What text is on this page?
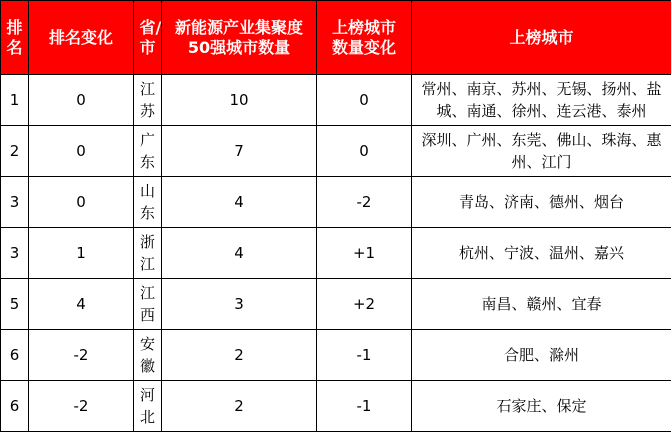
排名	排名变化	省/市	新能源产业集聚度50强城市数量	上榜城市数量变化	上榜城市
1	0	江苏	10	0	常州、南京、苏州、无锡、扬州、盐城、南通、徐州、连云港、泰州
2	0	广东	7	0	深圳、广州、东莞、佛山、珠海、惠州、江门
3	0	山东	4	-2	青岛、济南、德州、烟台
3	1	浙江	4	+1	杭州、宁波、温州、嘉兴
5	4	江西	3	+2	南昌、赣州、宜春
6	-2	安徽	2	-1	合肥、滁州
6	-2	河北	2	-1	石家庄、保定
